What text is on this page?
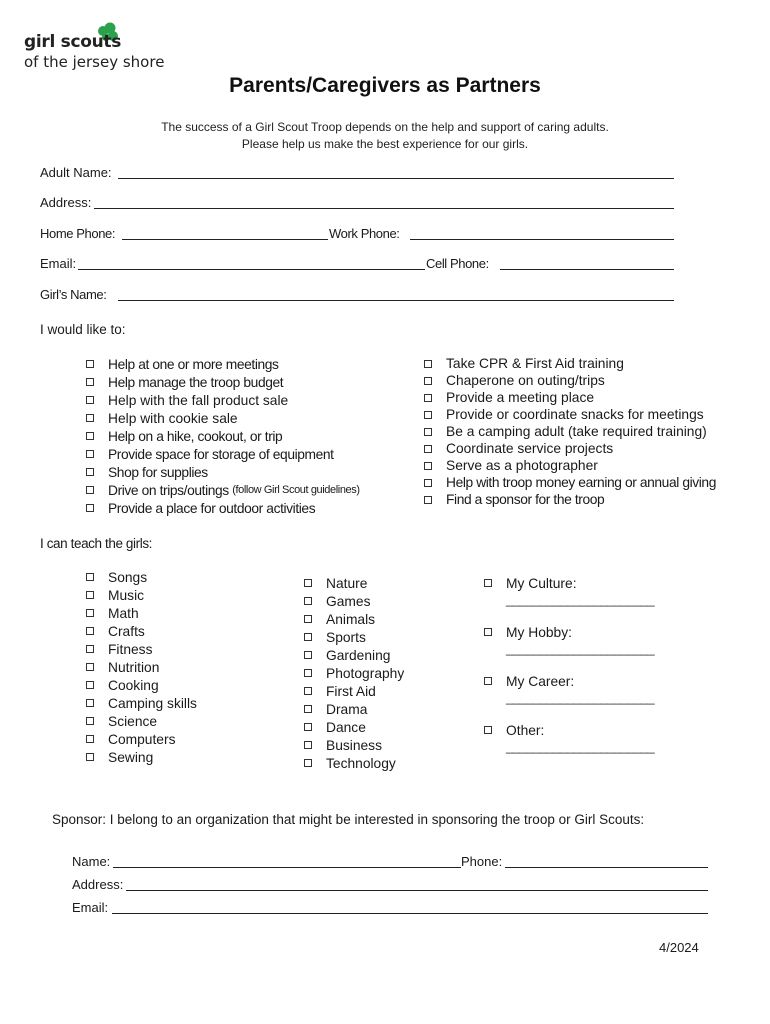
girl scouts
of the jersey shore
Parents/Caregivers as Partners
The success of a Girl Scout Troop depends on the help and support of caring adults.
Please help us make the best experience for our girls.
Adult Name:
Address:
Home Phone:	Work Phone:
Email:	Cell Phone:
Girl’s Name:
I would like to:
Help at one or more meetings
Help manage the troop budget
Help with the fall product sale
Help with cookie sale
Help on a hike, cookout, or trip
Provide space for storage of equipment
Shop for supplies
Drive on trips/outings
(follow Girl Scout guidelines)
Provide a place for outdoor activities
Take CPR & First Aid training
Chaperone on outing/trips
Provide a meeting place
Provide or coordinate snacks for meetings
Be a camping adult (take required training)
Coordinate service projects
Serve as a photographer
Help with troop money earning or annual giving
Find a sponsor for the troop
I can teach the girls:
Songs
Music
Math
Crafts
Fitness
Nutrition
Cooking
Camping skills
Science
Computers
Sewing
Nature
Games
Animals
Sports
Gardening
Photography
First Aid
Drama
Dance
Business
Technology
My Culture:
______________________
My Hobby:
______________________
My Career:
______________________
Other:
______________________
Sponsor: I belong to an organization that might be interested in sponsoring the troop or Girl Scouts:
Name:	Phone:
Address:
Email:
4/2024
